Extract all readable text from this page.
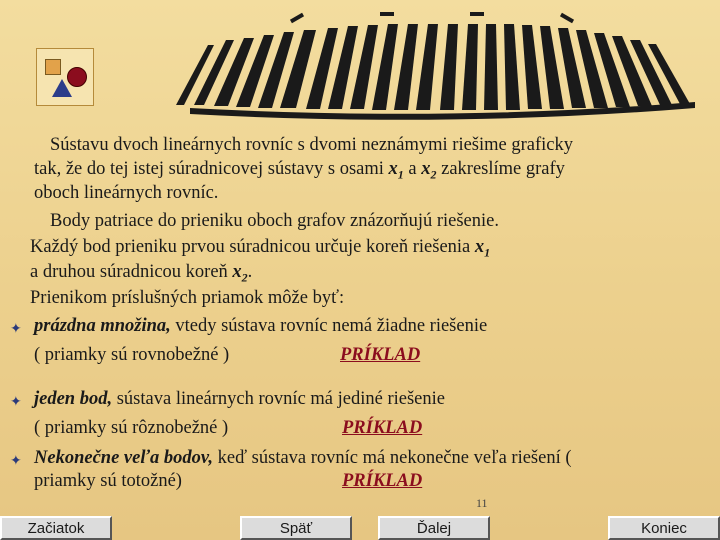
Sústavu dvoch lineárnych rovníc s dvomi neznámymi riešime graficky
tak, že do tej istej súradnicovej sústavy s osami $x_1$ a $x_2$ zakreslíme grafy
oboch lineárnych rovníc.
Body patriace do prieniku oboch grafov znázorňujú riešenie.
Každý bod prieniku prvou súradnicou určuje koreň riešenia $x_1$
a druhou súradnicou koreň $x_2$.
Prienikom príslušných priamok môže byť:
✦ prázdna množina, vtedy sústava rovníc nemá žiadne riešenie
( priamky sú rovnobežné )	PRÍKLAD
✦ jeden bod, sústava lineárnych rovníc má jediné riešenie
( priamky sú rôznobežné )	PRÍKLAD
✦ Nekonečne veľa bodov, keď sústava rovníc má nekonečne veľa riešení (
priamky sú totožné)	PRÍKLAD
11
Začiatok	Späť	Ďalej	Koniec
